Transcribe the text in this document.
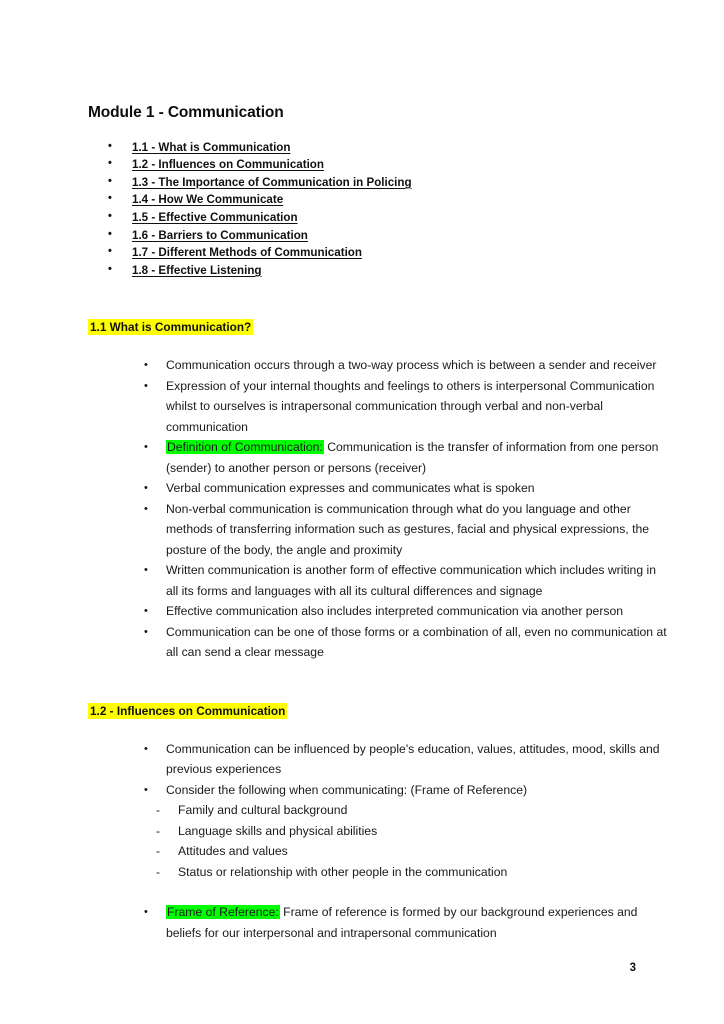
Module 1 - Communication
• 1.1 - What is Communication
• 1.2 - Influences on Communication
• 1.3 - The Importance of Communication in Policing
• 1.4 - How We Communicate
• 1.5 - Effective Communication
• 1.6 - Barriers to Communication
• 1.7 - Different Methods of Communication
• 1.8 - Effective Listening
1.1 What is Communication?
• Communication occurs through a two-way process which is between a sender and receiver
• Expression of your internal thoughts and feelings to others is interpersonal Communication whilst to ourselves is intrapersonal communication through verbal and non-verbal communication
• Definition of Communication: Communication is the transfer of information from one person (sender) to another person or persons (receiver)
• Verbal communication expresses and communicates what is spoken
• Non-verbal communication is communication through what do you language and other methods of transferring information such as gestures, facial and physical expressions, the posture of the body, the angle and proximity
• Written communication is another form of effective communication which includes writing in all its forms and languages with all its cultural differences and signage
• Effective communication also includes interpreted communication via another person
• Communication can be one of those forms or a combination of all, even no communication at all can send a clear message
1.2 - Influences on Communication
• Communication can be influenced by people's education, values, attitudes, mood, skills and previous experiences
• Consider the following when communicating: (Frame of Reference)
- Family and cultural background
- Language skills and physical abilities
- Attitudes and values
- Status or relationship with other people in the communication
• Frame of Reference: Frame of reference is formed by our background experiences and beliefs for our interpersonal and intrapersonal communication
3
